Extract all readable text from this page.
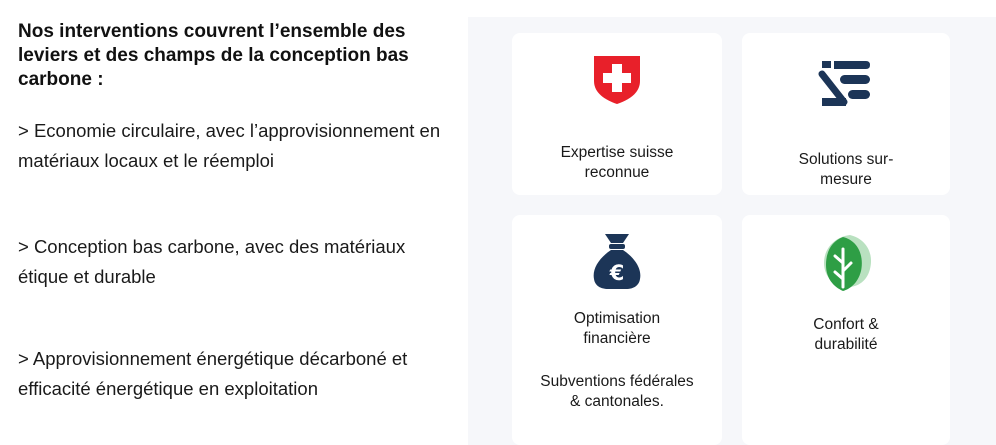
Nos interventions couvrent l’ensemble des leviers et des champs de la conception bas carbone :

> Economie circulaire, avec l’approvisionnement en matériaux locaux et le réemploi

> Conception bas carbone, avec des matériaux étique et durable

> Approvisionnement énergétique décarboné et efficacité énergétique en exploitation

Expertise suisse
reconnue
Solutions sur-
mesure
€
Optimisation
financière
Subventions fédérales
& cantonales.
Confort &
durabilité
